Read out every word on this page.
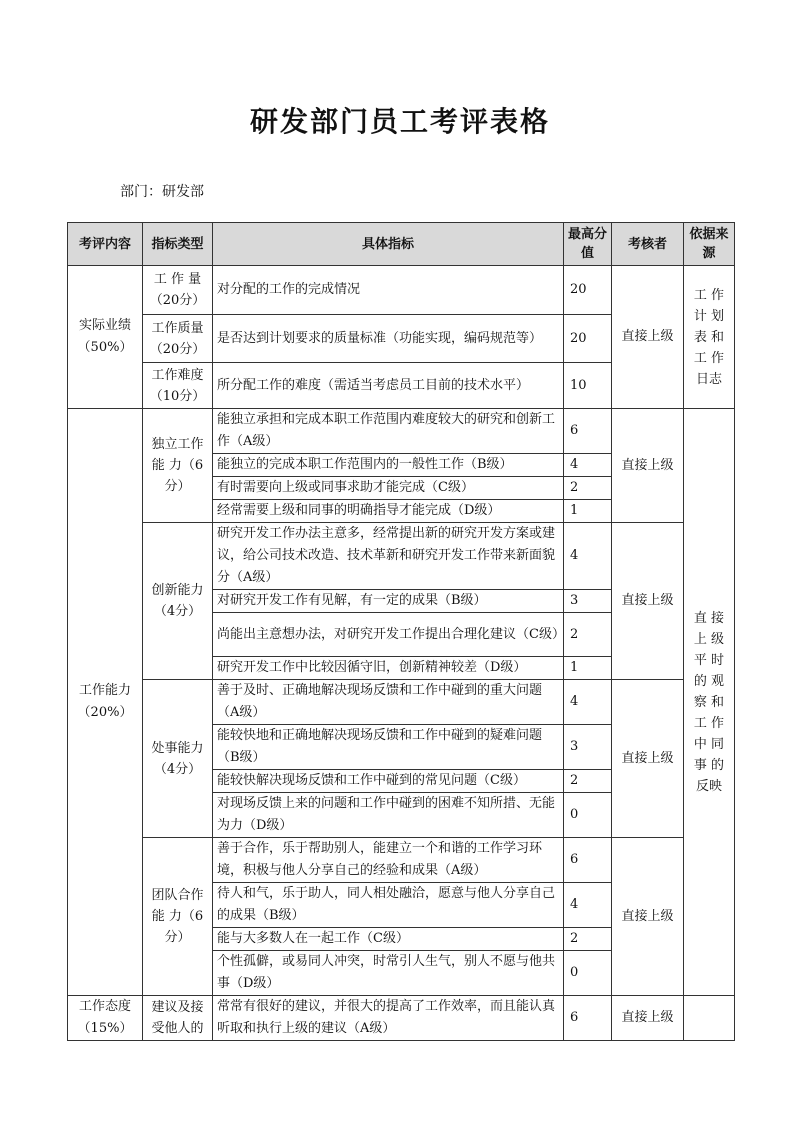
研发部门员工考评表格
部门：研发部
考评内容	指标类型	具体指标	最高分值	考核者	依据来源
实际业绩（50%）	工 作 量（20分）	对分配的工作的完成情况	20	直接上级	工 作 计 划 表 和 工 作 日志
	工作质量（20分）	是否达到计划要求的质量标准（功能实现，编码规范等）	20		
	工作难度（10分）	所分配工作的难度（需适当考虑员工目前的技术水平）	10		
工作能力（20%）	独立工作能 力（6分）	能独立承担和完成本职工作范围内难度较大的研究和创新工作（A级）	6	直接上级	直 接 上 级 平 时 的 观 察 和 工 作 中 同 事 的 反映
		能独立的完成本职工作范围内的一般性工作（B级）	4		
		有时需要向上级或同事求助才能完成（C级）	2		
		经常需要上级和同事的明确指导才能完成（D级）	1		
	创新能力（4分）	研究开发工作办法主意多，经常提出新的研究开发方案或建议，给公司技术改造、技术革新和研究开发工作带来新面貌分（A级）	4	直接上级	
		对研究开发工作有见解，有一定的成果（B级）	3		
		尚能出主意想办法，对研究开发工作提出合理化建议（C级）	2		
		研究开发工作中比较因循守旧，创新精神较差（D级）	1		
	处事能力（4分）	善于及时、正确地解决现场反馈和工作中碰到的重大问题（A级）	4	直接上级	
		能较快地和正确地解决现场反馈和工作中碰到的疑难问题（B级）	3		
		能较快解决现场反馈和工作中碰到的常见问题（C级）	2		
		对现场反馈上来的问题和工作中碰到的困难不知所措、无能为力（D级）	0		
	团队合作能 力（6分）	善于合作，乐于帮助别人，能建立一个和谐的工作学习环境，积极与他人分享自己的经验和成果（A级）	6	直接上级	
		待人和气，乐于助人，同人相处融洽，愿意与他人分享自己的成果（B级）	4		
		能与大多数人在一起工作（C级）	2		
		个性孤僻，或易同人冲突，时常引人生气，别人不愿与他共事（D级）	0		
工作态度（15%）	建议及接受他人的	常常有很好的建议，并很大的提高了工作效率，而且能认真听取和执行上级的建议（A级）	6	直接上级	
